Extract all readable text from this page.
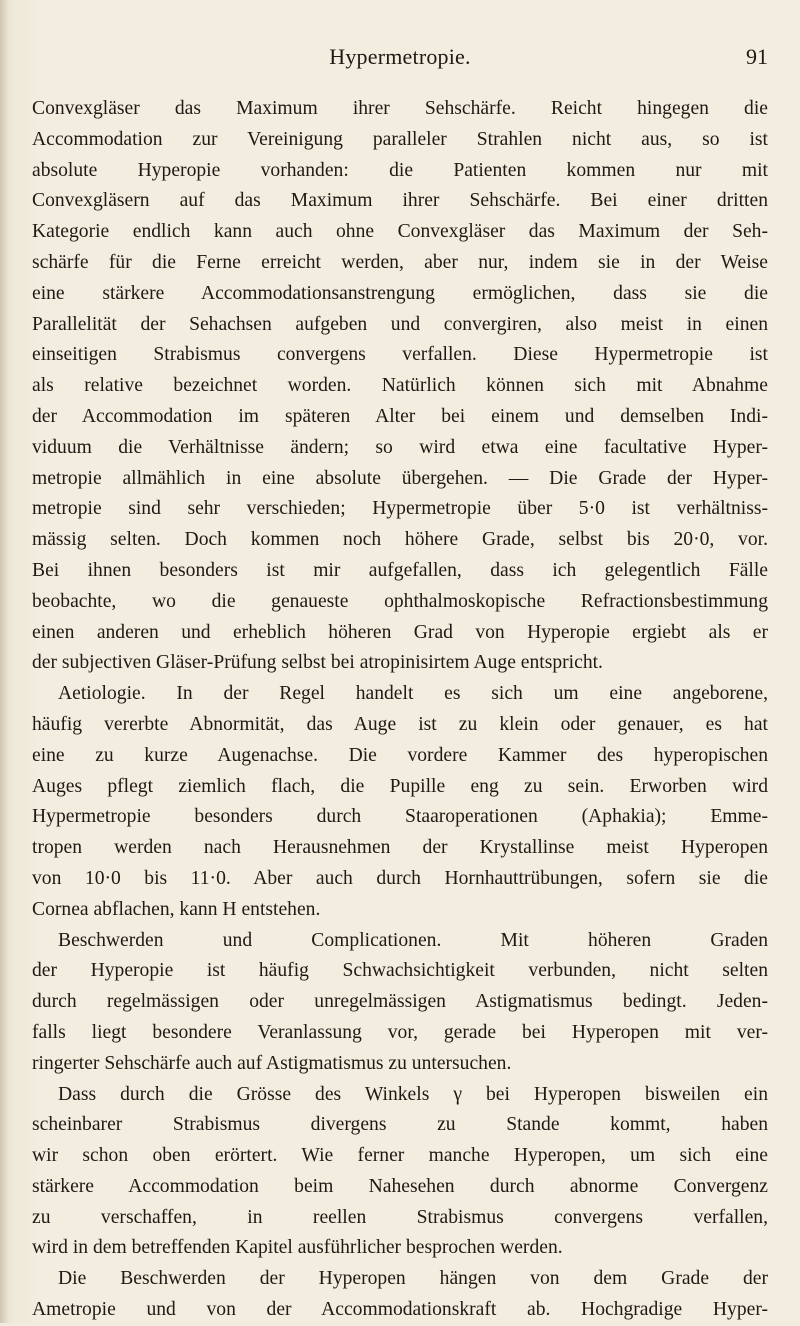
Hypermetropie.	91
Convexgläser das Maximum ihrer Sehschärfe. Reicht hingegen die
Accommodation zur Vereinigung paralleler Strahlen nicht aus, so ist
absolute Hyperopie vorhanden: die Patienten kommen nur mit
Convexgläsern auf das Maximum ihrer Sehschärfe. Bei einer dritten
Kategorie endlich kann auch ohne Convexgläser das Maximum der Seh-
schärfe für die Ferne erreicht werden, aber nur, indem sie in der Weise
eine stärkere Accommodationsanstrengung ermöglichen, dass sie die
Parallelität der Sehachsen aufgeben und convergiren, also meist in einen
einseitigen Strabismus convergens verfallen. Diese Hypermetropie ist
als relative bezeichnet worden. Natürlich können sich mit Abnahme
der Accommodation im späteren Alter bei einem und demselben Indi-
viduum die Verhältnisse ändern; so wird etwa eine facultative Hyper-
metropie allmählich in eine absolute übergehen. — Die Grade der Hyper-
metropie sind sehr verschieden; Hypermetropie über 5·0 ist verhältniss-
mässig selten. Doch kommen noch höhere Grade, selbst bis 20·0, vor.
Bei ihnen besonders ist mir aufgefallen, dass ich gelegentlich Fälle
beobachte, wo die genaueste ophthalmoskopische Refractionsbestimmung
einen anderen und erheblich höheren Grad von Hyperopie ergiebt als er
der subjectiven Gläser-Prüfung selbst bei atropinisirtem Auge entspricht.
Aetiologie. In der Regel handelt es sich um eine angeborene,
häufig vererbte Abnormität, das Auge ist zu klein oder genauer, es hat
eine zu kurze Augenachse. Die vordere Kammer des hyperopischen
Auges pflegt ziemlich flach, die Pupille eng zu sein. Erworben wird
Hypermetropie besonders durch Staaroperationen (Aphakia); Emme-
tropen werden nach Herausnehmen der Krystallinse meist Hyperopen
von 10·0 bis 11·0. Aber auch durch Hornhauttrübungen, sofern sie die
Cornea abflachen, kann H entstehen.
Beschwerden und Complicationen. Mit höheren Graden
der Hyperopie ist häufig Schwachsichtigkeit verbunden, nicht selten
durch regelmässigen oder unregelmässigen Astigmatismus bedingt. Jeden-
falls liegt besondere Veranlassung vor, gerade bei Hyperopen mit ver-
ringerter Sehschärfe auch auf Astigmatismus zu untersuchen.
Dass durch die Grösse des Winkels γ bei Hyperopen bisweilen ein
scheinbarer Strabismus divergens zu Stande kommt, haben
wir schon oben erörtert. Wie ferner manche Hyperopen, um sich eine
stärkere Accommodation beim Nahesehen durch abnorme Convergenz
zu verschaffen, in reellen Strabismus convergens verfallen,
wird in dem betreffenden Kapitel ausführlicher besprochen werden.
Die Beschwerden der Hyperopen hängen von dem Grade der
Ametropie und von der Accommodationskraft ab. Hochgradige Hyper-
